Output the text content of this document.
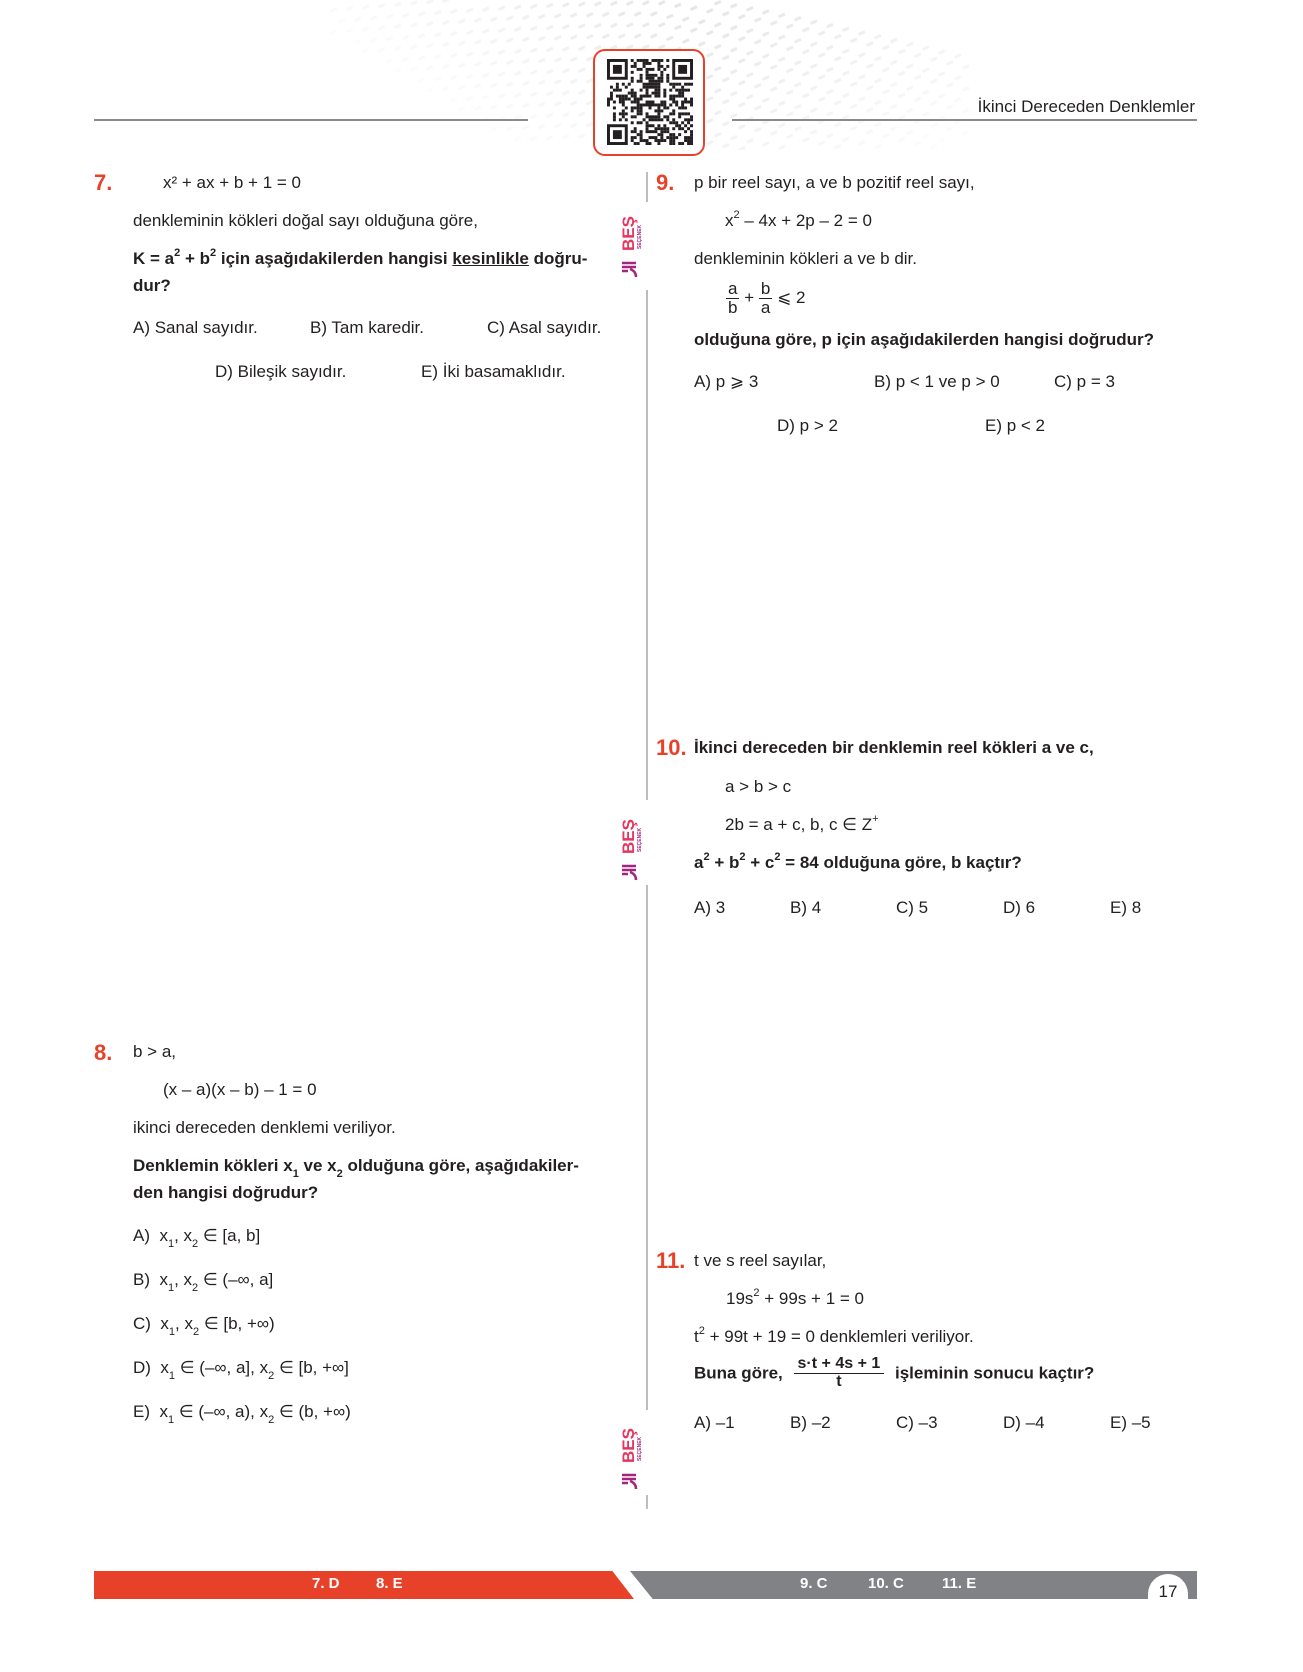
İkinci Dereceden Denklemler
BEŞ SEÇENEK
BEŞ SEÇENEK
BEŞ SEÇENEK
7.	x² + ax + b + 1 = 0
denkleminin kökleri doğal sayı olduğuna göre,
$K = a^2 + b^2$ için aşağıdakilerden hangisi kesinlikle doğru-
dur?
A) Sanal sayıdır.	B) Tam karedir.	C) Asal sayıdır.
D) Bileşik sayıdır.	E) İki basamaklıdır.
8. b > a,
(x – a)(x – b) – 1 = 0
ikinci dereceden denklemi veriliyor.
Denklemin kökleri $x_1$ ve $x_2$ olduğuna göre, aşağıdakiler-
den hangisi doğrudur?
A) $x_1$, $x_2$ ∈ [a, b]
B) $x_1$, $x_2$ ∈ (–∞, a]
C) $x_1$, $x_2$ ∈ [b, +∞)
D) $x_1$ ∈ (–∞, a], $x_2$ ∈ [b, +∞]
E) $x_1$ ∈ (–∞, a), $x_2$ ∈ (b, +∞)
9. p bir reel sayı, a ve b pozitif reel sayı,
$x^2 - 4x + 2p - 2 = 0$
denkleminin kökleri a ve b dir.
$\frac{a}{b} + \frac{b}{a}$ ⩽ 2
olduğuna göre, p için aşağıdakilerden hangisi doğrudur?
A) p ⩾ 3	B) p < 1 ve p > 0	C) p = 3
D) p > 2	E) p < 2
10. İkinci dereceden bir denklemin reel kökleri a ve c,
a > b > c
2b = a + c, b, c ∈ Z+
$a^2 + b^2 + c^2 = 84$ olduğuna göre, b kaçtır?
A) 3	B) 4	C) 5	D) 6	E) 8
11. t ve s reel sayılar,
$19s^2 + 99s + 1 = 0$
$t^2 + 99t + 19 = 0$ denklemleri veriliyor.
Buna göre, $\frac{s\cdot t + 4s + 1}{t}$ işleminin sonucu kaçtır?
A) –1	B) –2	C) –3	D) –4	E) –5
7. D 8. E	9. C	10. C	11. E	17
